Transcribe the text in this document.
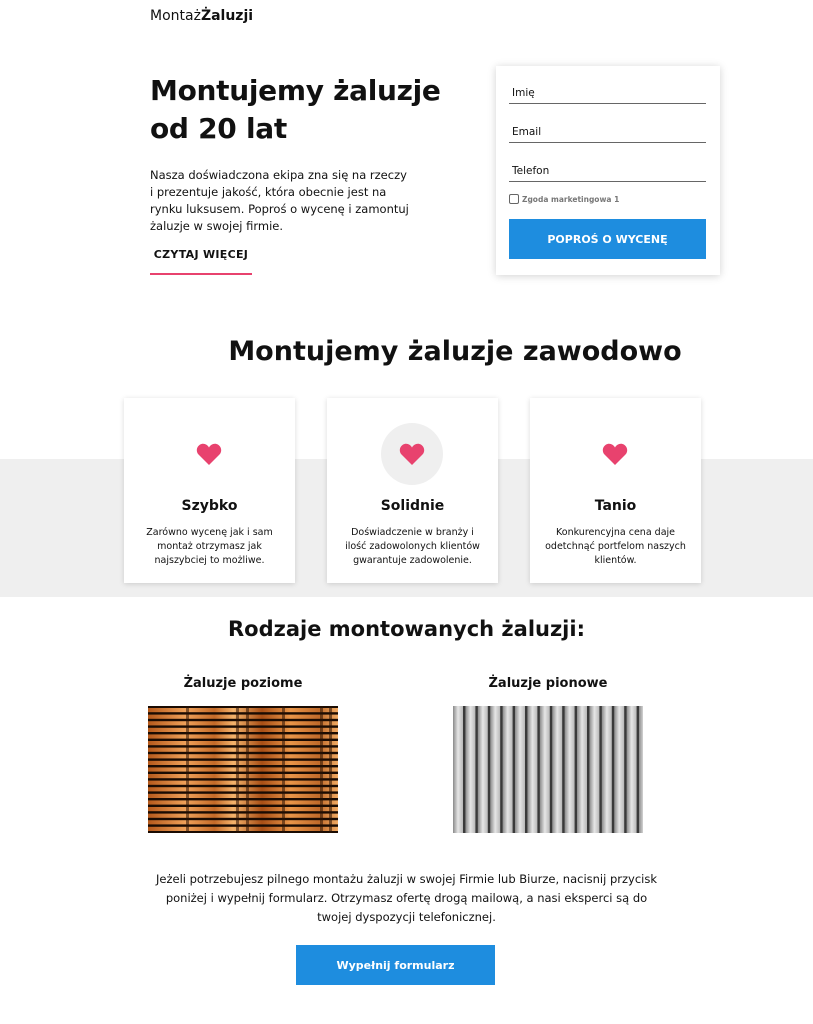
MontażŻaluzji
Montujemy żaluzje od 20 lat

Nasza doświadczona ekipa zna się na rzeczy i prezentuje jakość, która obecnie jest na rynku luksusem. Poproś o wycenę i zamontuj żaluzje w swojej firmie.

CZYTAJ WIĘCEJ
Imię
Email
Telefon
Zgoda marketingowa 1
POPROŚ O WYCENĘ
Montujemy żaluzje zawodowo
Szybko
Zarówno wycenę jak i sam montaż otrzymasz jak najszybciej to możliwe.
Solidnie
Doświadczenie w branży i ilość zadowolonych klientów gwarantuje zadowolenie.
Tanio
Konkurencyjna cena daje odetchnąć portfelom naszych klientów.
Rodzaje montowanych żaluzji:
Żaluzje poziome	Żaluzje pionowe

Jeżeli potrzebujesz pilnego montażu żaluzji w swojej Firmie lub Biurze, nacisnij przycisk poniżej i wypełnij formularz. Otrzymasz ofertę drogą mailową, a nasi eksperci są do twojej dyspozycji telefonicznej.

Wypełnij formularz
